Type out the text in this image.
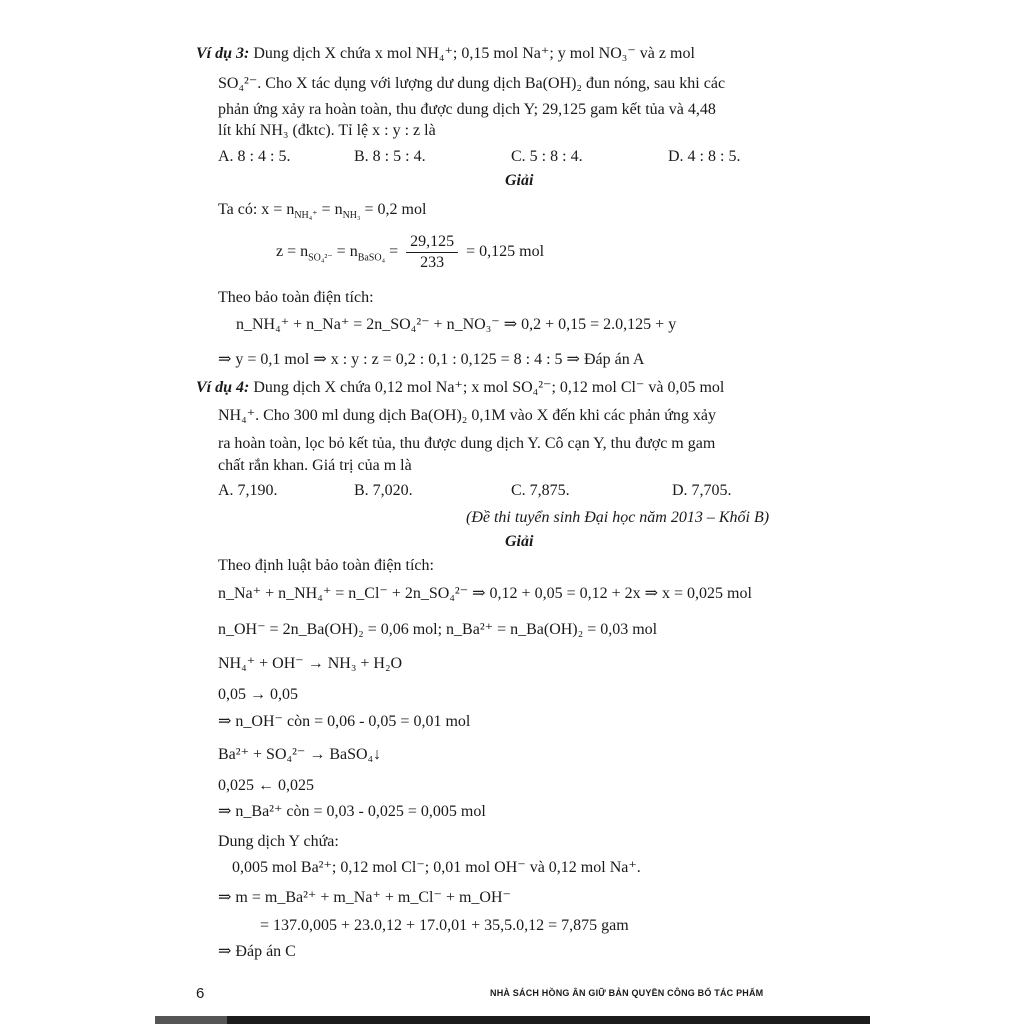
Ví dụ 3: Dung dịch X chứa x mol NH₄⁺; 0,15 mol Na⁺; y mol NO₃⁻ và z mol
SO₄²⁻. Cho X tác dụng với lượng dư dung dịch Ba(OH)₂ đun nóng, sau khi các
phản ứng xảy ra hoàn toàn, thu được dung dịch Y; 29,125 gam kết tủa và 4,48
lít khí NH₃ (đktc). Tỉ lệ x : y : z là
A. 8 : 4 : 5.	B. 8 : 5 : 4.	C. 5 : 8 : 4.	D. 4 : 8 : 5.
Giải
Ta có: $x = n_{NH_4^+} = n_{NH_3} = 0,2$ mol
$z = n_{SO_4^{2-}} = n_{BaSO_4} = \frac{29,125}{233} = 0,125$ mol
Theo bảo toàn điện tích:
n_NH₄⁺ + n_Na⁺ = 2n_SO₄²⁻ + n_NO₃⁻ ⇒ 0,2 + 0,15 = 2.0,125 + y
⇒ y = 0,1 mol ⇒ x : y : z = 0,2 : 0,1 : 0,125 = 8 : 4 : 5 ⇒ Đáp án A
Ví dụ 4: Dung dịch X chứa 0,12 mol Na⁺; x mol SO₄²⁻; 0,12 mol Cl⁻ và 0,05 mol
NH₄⁺. Cho 300 ml dung dịch Ba(OH)₂ 0,1M vào X đến khi các phản ứng xảy
ra hoàn toàn, lọc bỏ kết tủa, thu được dung dịch Y. Cô cạn Y, thu được m gam
chất rắn khan. Giá trị của m là
A. 7,190.	B. 7,020.	C. 7,875.	D. 7,705.
(Đề thi tuyển sinh Đại học năm 2013 – Khối B)
Giải
Theo định luật bảo toàn điện tích:
n_Na⁺ + n_NH₄⁺ = n_Cl⁻ + 2n_SO₄²⁻ ⇒ 0,12 + 0,05 = 0,12 + 2x ⇒ x = 0,025 mol
n_OH⁻ = 2n_Ba(OH)₂ = 0,06 mol; n_Ba²⁺ = n_Ba(OH)₂ = 0,03 mol
NH₄⁺ + OH⁻ → NH₃ + H₂O
0,05 → 0,05
⇒ n_OH⁻ còn = 0,06 - 0,05 = 0,01 mol
Ba²⁺ + SO₄²⁻ → BaSO₄↓
0,025 ← 0,025
⇒ n_Ba²⁺ còn = 0,03 - 0,025 = 0,005 mol
Dung dịch Y chứa:
0,005 mol Ba²⁺; 0,12 mol Cl⁻; 0,01 mol OH⁻ và 0,12 mol Na⁺.
⇒ m = m_Ba²⁺ + m_Na⁺ + m_Cl⁻ + m_OH⁻
= 137.0,005 + 23.0,12 + 17.0,01 + 35,5.0,12 = 7,875 gam
⇒ Đáp án C
6	NHÀ SÁCH HỒNG ÂN GIỮ BẢN QUYỀN CÔNG BỐ TÁC PHẨM
